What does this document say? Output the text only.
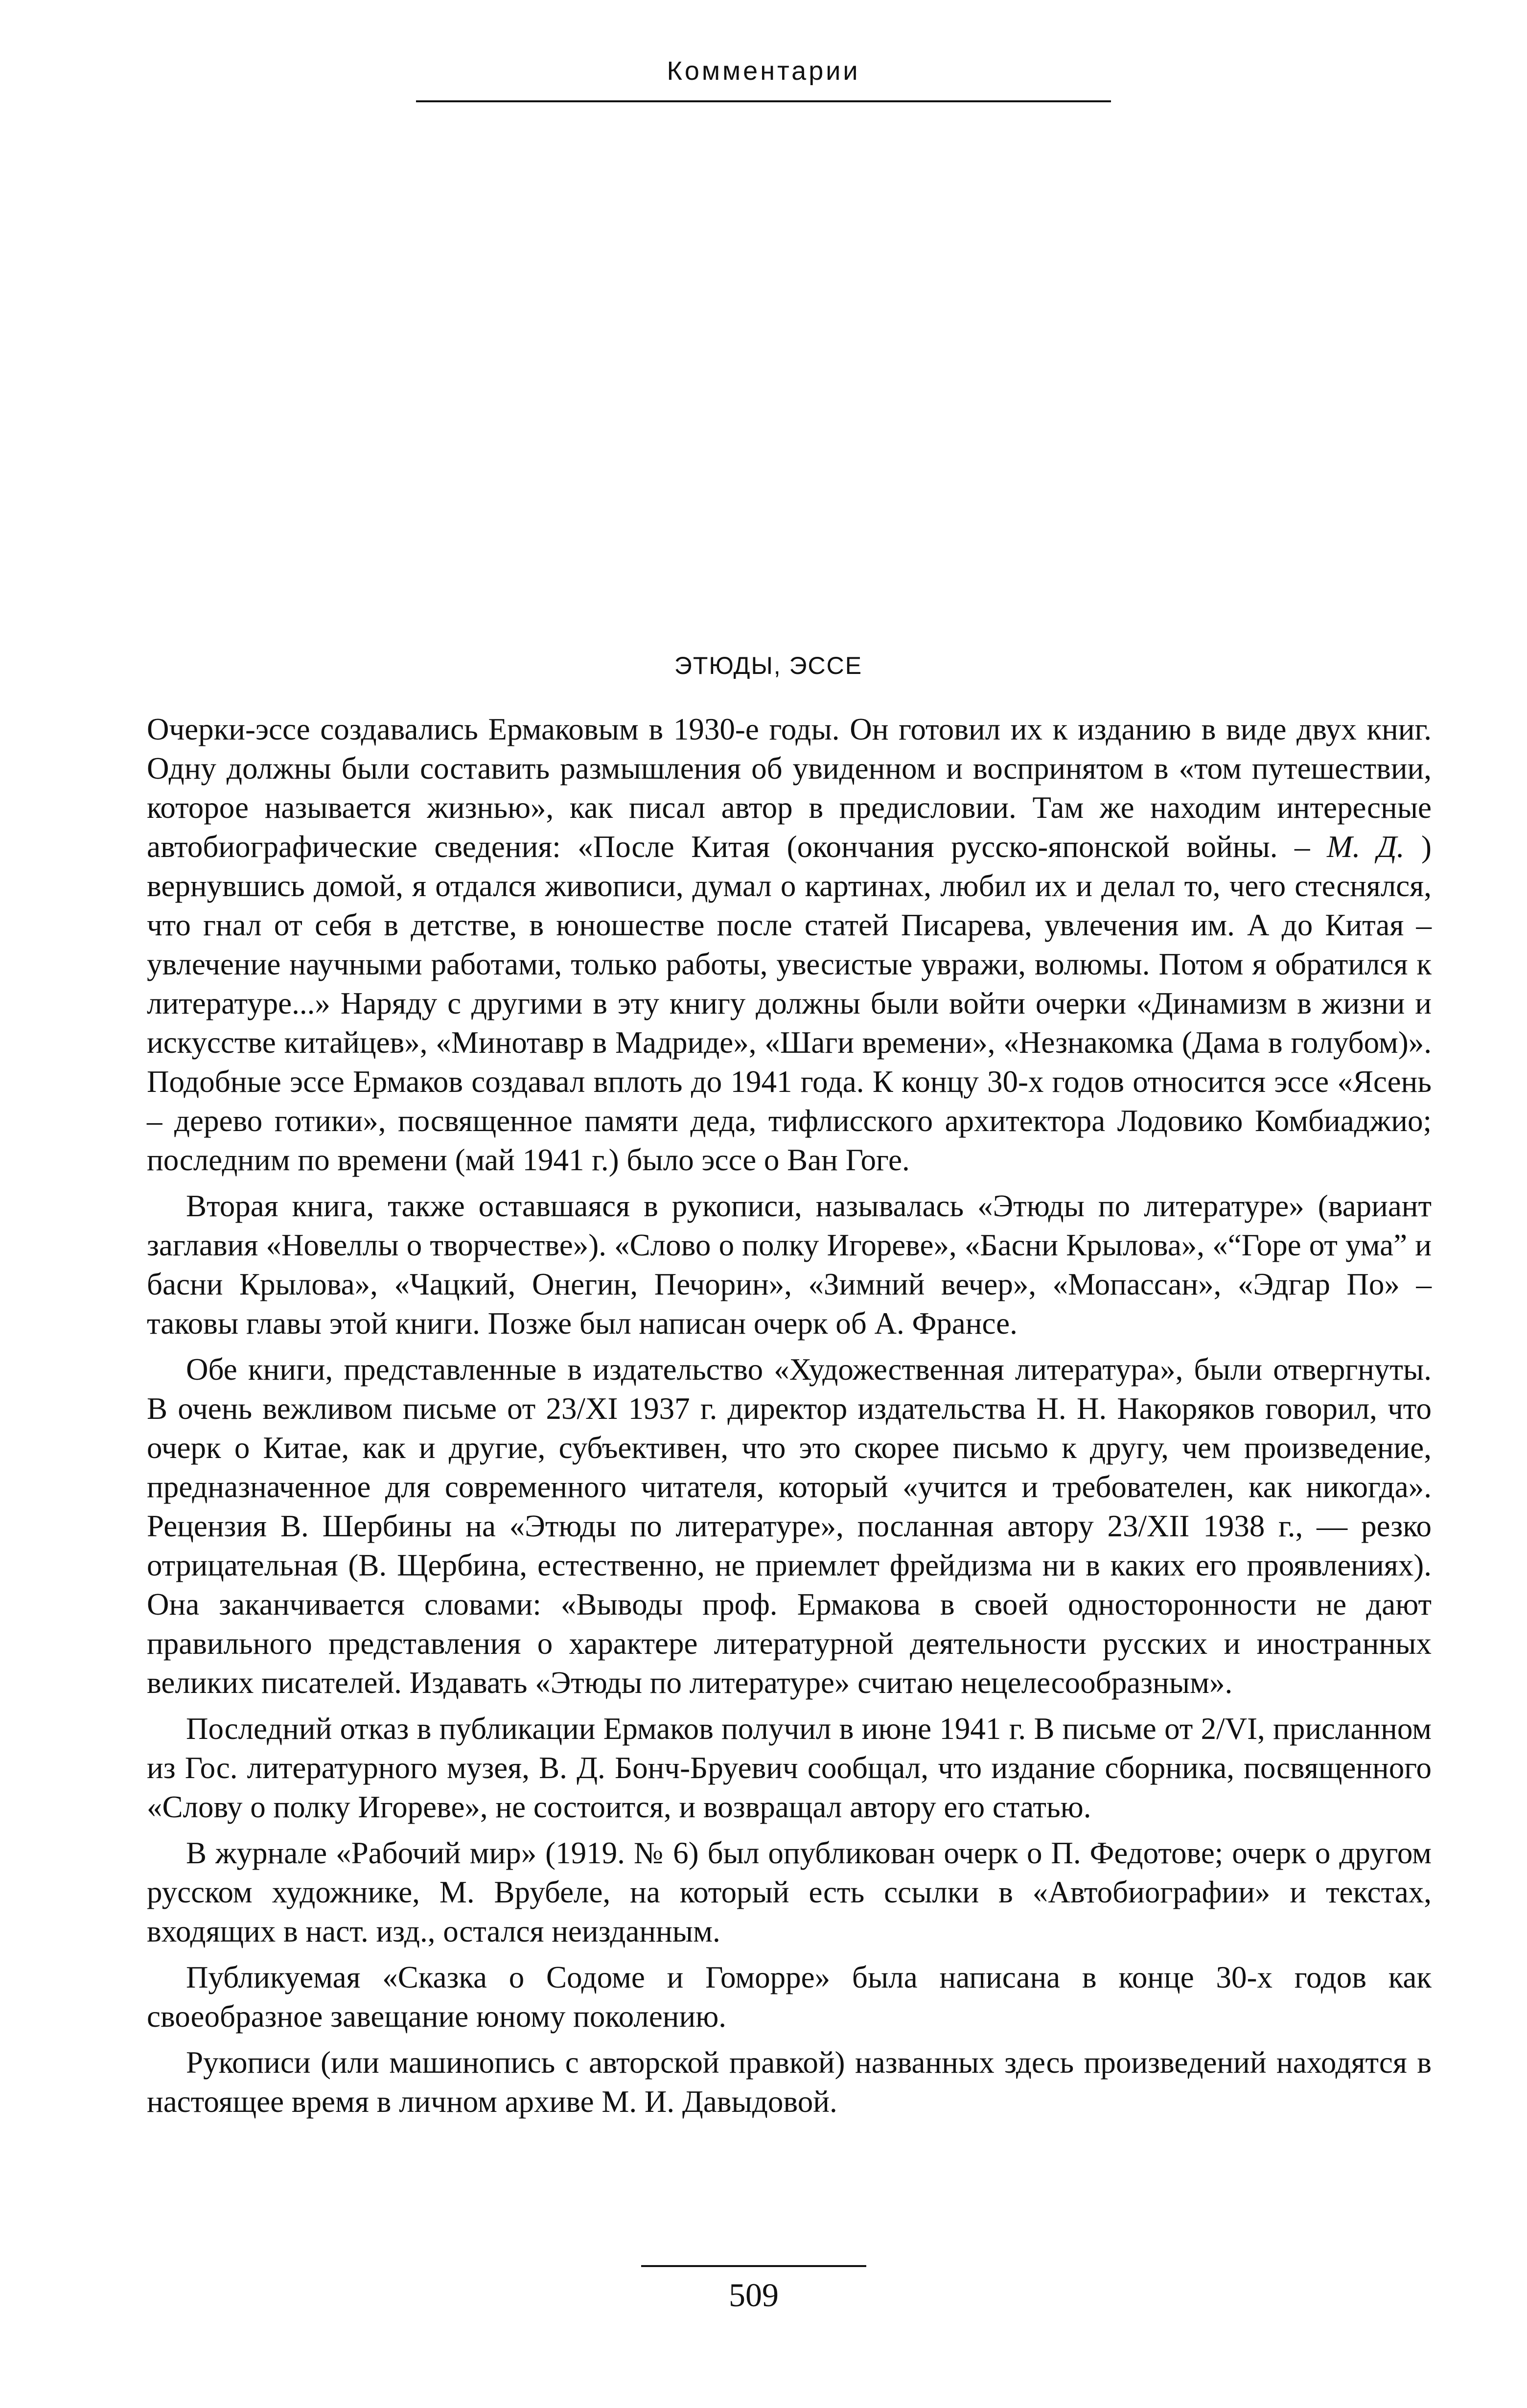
Комментарии
ЭТЮДЫ, ЭССЕ

Очерки-эссе создавались Ермаковым в 1930-е годы. Он готовил их к изданию в виде двух книг. Одну должны были составить размышления об увиденном и воспринятом в «том путешествии, которое называется жизнью», как писал автор в предисловии. Там же находим интересные автобиографические сведения: «После Китая (окончания русско-японской войны. – М. Д. ) вернувшись домой, я отдался живописи, думал о картинах, любил их и делал то, чего стеснялся, что гнал от себя в детстве, в юношестве после статей Писарева, увлечения им. А до Китая – увлечение научными работами, только работы, увесистые увражи, волюмы. Потом я обратился к литературе...» Наряду с другими в эту книгу должны были войти очерки «Динамизм в жизни и искусстве китайцев», «Минотавр в Мадриде», «Шаги времени», «Незнакомка (Дама в голубом)». Подобные эссе Ермаков создавал вплоть до 1941 года. К концу 30-х годов относится эссе «Ясень – дерево готики», посвященное памяти деда, тифлисского архитектора Лодовико Комбиаджио; последним по времени (май 1941 г.) было эссе о Ван Гоге.

Вторая книга, также оставшаяся в рукописи, называлась «Этюды по литературе» (вариант заглавия «Новеллы о творчестве»). «Слово о полку Игореве», «Басни Крылова», «“Горе от ума” и басни Крылова», «Чацкий, Онегин, Печорин», «Зимний вечер», «Мопассан», «Эдгар По» – таковы главы этой книги. Позже был написан очерк об А. Франсе.

Обе книги, представленные в издательство «Художественная литература», были отвергнуты. В очень вежливом письме от 23/XI 1937 г. директор издательства Н. Н. Накоряков говорил, что очерк о Китае, как и другие, субъективен, что это скорее письмо к другу, чем произведение, предназначенное для современного читателя, который «учится и требователен, как никогда». Рецензия В. Шербины на «Этюды по литературе», посланная автору 23/XII 1938 г., — резко отрицательная (В. Щербина, естественно, не приемлет фрейдизма ни в каких его проявлениях). Она заканчивается словами: «Выводы проф. Ермакова в своей односторонности не дают правильного представления о характере литературной деятельности русских и иностранных великих писателей. Издавать «Этюды по литературе» считаю нецелесообразным».

Последний отказ в публикации Ермаков получил в июне 1941 г. В письме от 2/VI, присланном из Гос. литературного музея, В. Д. Бонч-Бруевич сообщал, что издание сборника, посвященного «Слову о полку Игореве», не состоится, и возвращал автору его статью.

В журнале «Рабочий мир» (1919. № 6) был опубликован очерк о П. Федотове; очерк о другом русском художнике, М. Врубеле, на который есть ссылки в «Автобиографии» и текстах, входящих в наст. изд., остался неизданным.

Публикуемая «Сказка о Содоме и Гоморре» была написана в конце 30-х годов как своеобразное завещание юному поколению.

Рукописи (или машинопись с авторской правкой) названных здесь произведений находятся в настоящее время в личном архиве М. И. Давыдовой.

509
